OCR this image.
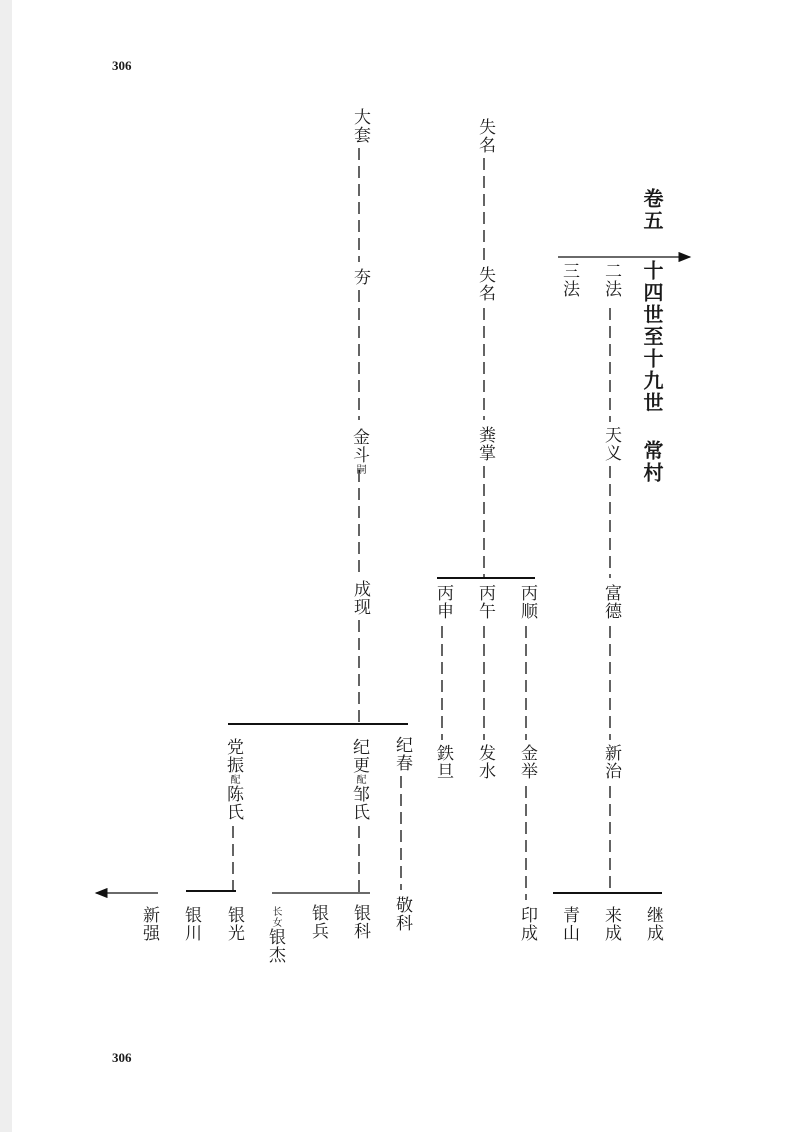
306
306
卷五
十四世至十九世
常村
大套
夯
金斗嗣
成现
失名
失名
粪掌
三法 二法
天义
富德
新治
丙申 丙午 丙顺
党振配陈氏
纪更配邹氏
纪春 鉄旦 发水 金举
新强 银川 银光	长女银杰
银兵 银科 敬科	印成 青山 来成 继成
